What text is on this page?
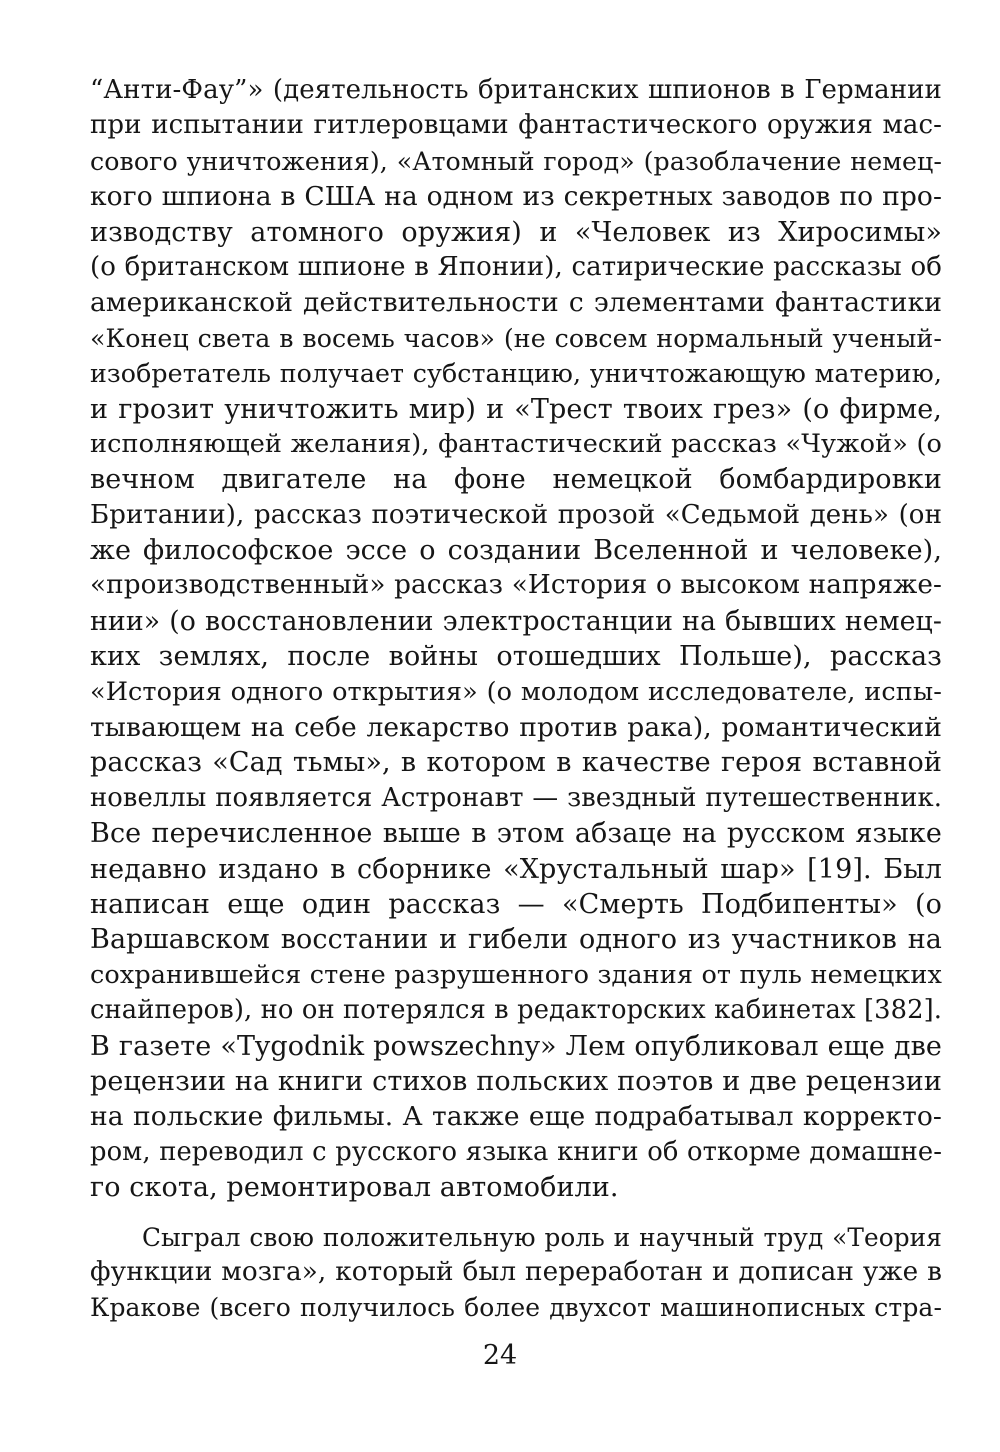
“Анти-Фау”» (деятельность британских шпионов в Германии
при испытании гитлеровцами фантастического оружия мас-
сового уничтожения), «Атомный город» (разоблачение немец-
кого шпиона в США на одном из секретных заводов по про-
изводству атомного оружия) и «Человек из Хиросимы»
(о британском шпионе в Японии), сатирические рассказы об
американской действительности с элементами фантастики
«Конец света в восемь часов» (не совсем нормальный ученый-
изобретатель получает субстанцию, уничтожающую материю,
и грозит уничтожить мир) и «Трест твоих грез» (о фирме,
исполняющей желания), фантастический рассказ «Чужой» (о
вечном двигателе на фоне немецкой бомбардировки
Британии), рассказ поэтической прозой «Седьмой день» (он
же философское эссе о создании Вселенной и человеке),
«производственный» рассказ «История о высоком напряже-
нии» (о восстановлении электростанции на бывших немец-
ких землях, после войны отошедших Польше), рассказ
«История одного открытия» (о молодом исследователе, испы-
тывающем на себе лекарство против рака), романтический
рассказ «Сад тьмы», в котором в качестве героя вставной
новеллы появляется Астронавт — звездный путешественник.
Все перечисленное выше в этом абзаце на русском языке
недавно издано в сборнике «Хрустальный шар» [19]. Был
написан еще один рассказ — «Смерть Подбипенты» (о
Варшавском восстании и гибели одного из участников на
сохранившейся стене разрушенного здания от пуль немецких
снайперов), но он потерялся в редакторских кабинетах [382].
В газете «Tygodnik powszechny» Лем опубликовал еще две
рецензии на книги стихов польских поэтов и две рецензии
на польские фильмы. А также еще подрабатывал корректо-
ром, переводил с русского языка книги об откорме домашне-
го скота, ремонтировал автомобили.
Сыграл свою положительную роль и научный труд «Теория
функции мозга», который был переработан и дописан уже в
Кракове (всего получилось более двухсот машинописных стра-
24
